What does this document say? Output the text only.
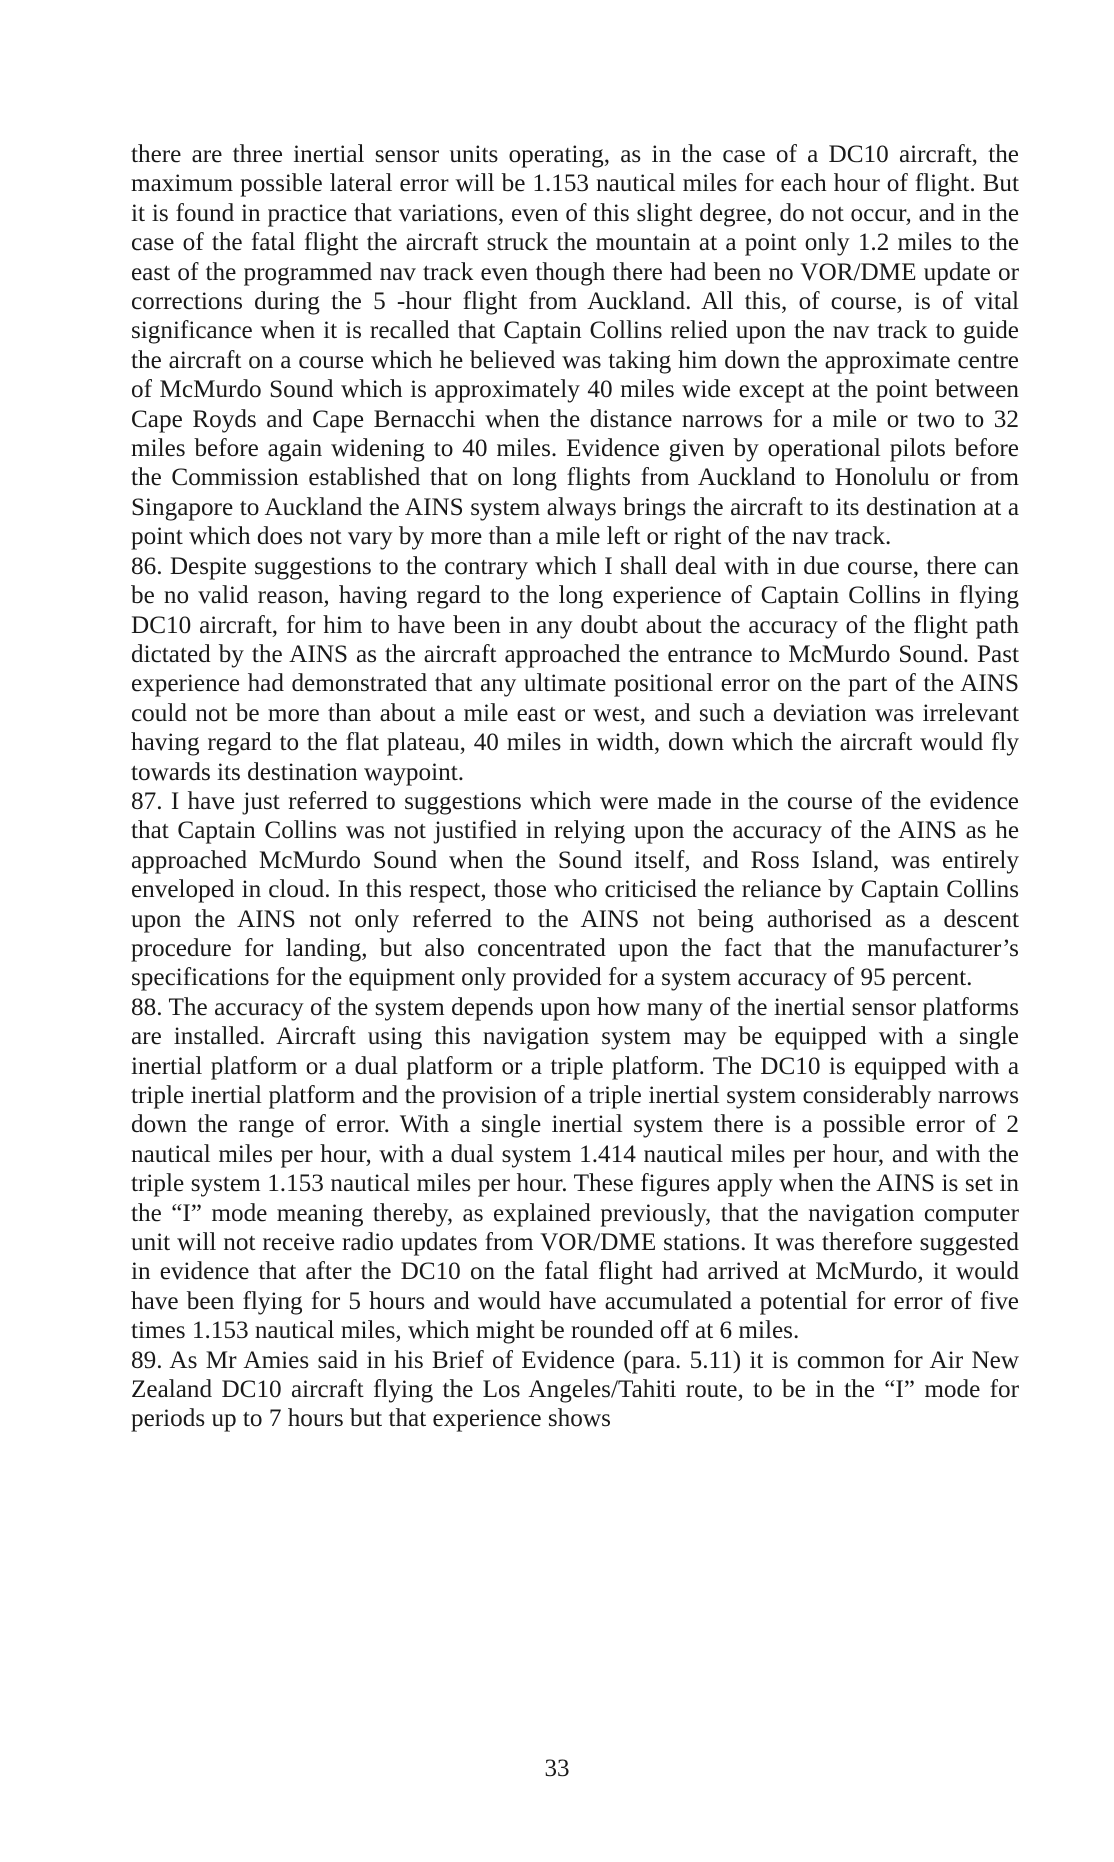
there are three inertial sensor units operating, as in the case of a DC10 aircraft, the maximum possible lateral error will be 1.153 nautical miles for each hour of flight. But it is found in practice that variations, even of this slight degree, do not occur, and in the case of the fatal flight the aircraft struck the mountain at a point only 1.2 miles to the east of the programmed nav track even though there had been no VOR/DME update or corrections during the 5 -hour flight from Auckland. All this, of course, is of vital significance when it is recalled that Captain Collins relied upon the nav track to guide the aircraft on a course which he believed was taking him down the approximate centre of McMurdo Sound which is approximately 40 miles wide except at the point between Cape Royds and Cape Bernacchi when the distance narrows for a mile or two to 32 miles before again widening to 40 miles. Evidence given by operational pilots before the Commission established that on long flights from Auckland to Honolulu or from Singapore to Auckland the AINS system always brings the aircraft to its destination at a point which does not vary by more than a mile left or right of the nav track.

86. Despite suggestions to the contrary which I shall deal with in due course, there can be no valid reason, having regard to the long experience of Captain Collins in flying DC10 aircraft, for him to have been in any doubt about the accuracy of the flight path dictated by the AINS as the aircraft approached the entrance to McMurdo Sound. Past experience had demonstrated that any ultimate positional error on the part of the AINS could not be more than about a mile east or west, and such a deviation was irrelevant having regard to the flat plateau, 40 miles in width, down which the aircraft would fly towards its destination waypoint.

87. I have just referred to suggestions which were made in the course of the evidence that Captain Collins was not justified in relying upon the accuracy of the AINS as he approached McMurdo Sound when the Sound itself, and Ross Island, was entirely enveloped in cloud. In this respect, those who criticised the reliance by Captain Collins upon the AINS not only referred to the AINS not being authorised as a descent procedure for landing, but also concentrated upon the fact that the manufacturer’s specifications for the equipment only provided for a system accuracy of 95 percent.

88. The accuracy of the system depends upon how many of the inertial sensor platforms are installed. Aircraft using this navigation system may be equipped with a single inertial platform or a dual platform or a triple platform. The DC10 is equipped with a triple inertial platform and the provision of a triple inertial system considerably narrows down the range of error. With a single inertial system there is a possible error of 2 nautical miles per hour, with a dual system 1.414 nautical miles per hour, and with the triple system 1.153 nautical miles per hour. These figures apply when the AINS is set in the “I” mode meaning thereby, as explained previously, that the navigation computer unit will not receive radio updates from VOR/DME stations. It was therefore suggested in evidence that after the DC10 on the fatal flight had arrived at McMurdo, it would have been flying for 5 hours and would have accumulated a potential for error of five times 1.153 nautical miles, which might be rounded off at 6 miles.

89. As Mr Amies said in his Brief of Evidence (para. 5.11) it is common for Air New Zealand DC10 aircraft flying the Los Angeles/Tahiti route, to be in the “I” mode for periods up to 7 hours but that experience shows

33
